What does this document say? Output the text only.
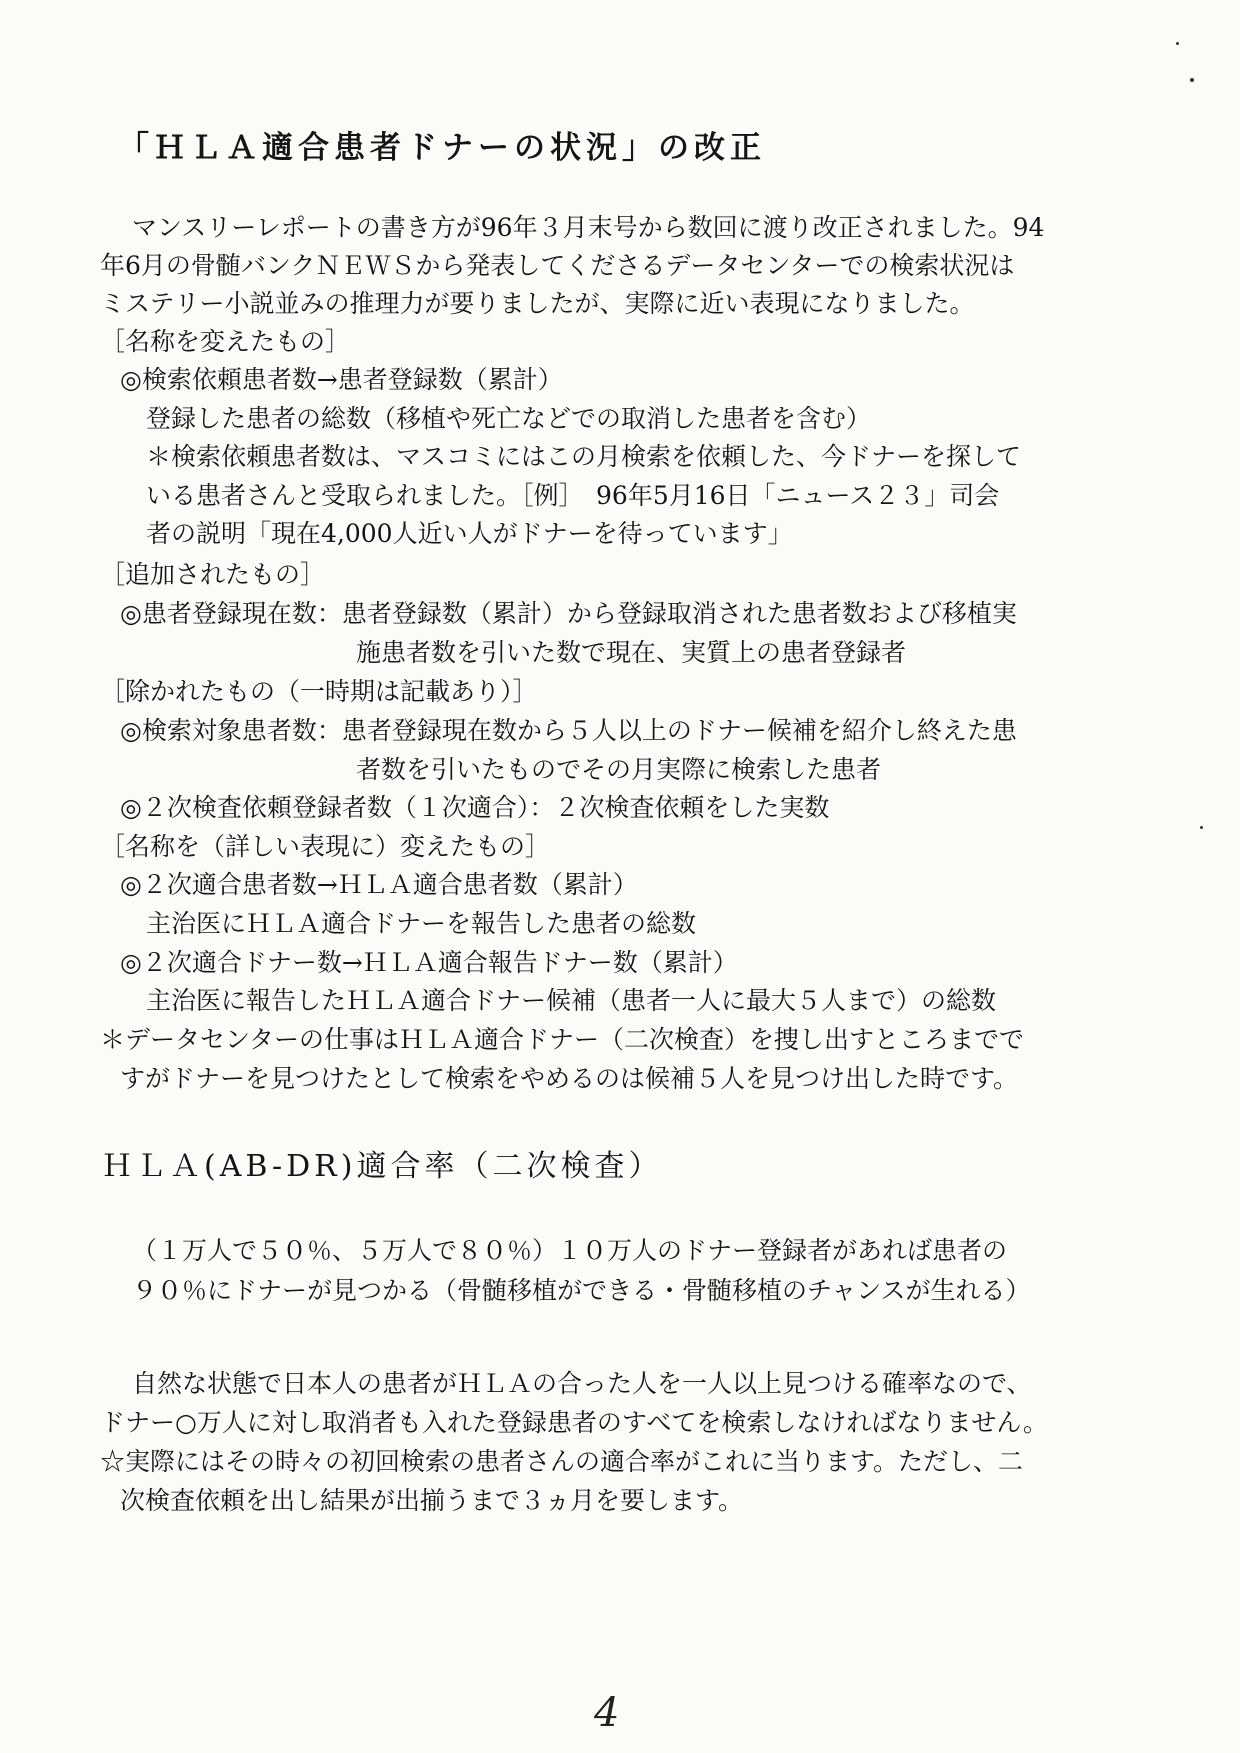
「ＨＬＡ適合患者ドナーの状況」の改正
マンスリーレポートの書き方が96年３月末号から数回に渡り改正されました。94
年6月の骨髄バンクＮＥＷＳから発表してくださるデータセンターでの検索状況は
ミステリー小説並みの推理力が要りましたが、実際に近い表現になりました。
［名称を変えたもの］
◎検索依頼患者数→患者登録数（累計）
登録した患者の総数（移植や死亡などでの取消した患者を含む）
＊検索依頼患者数は、マスコミにはこの月検索を依頼した、今ドナーを探して
いる患者さんと受取られました。［例］　96年5月16日「ニュース２３」司会
者の説明「現在4,000人近い人がドナーを待っています」
［追加されたもの］
◎患者登録現在数：患者登録数（累計）から登録取消された患者数および移植実
施患者数を引いた数で現在、実質上の患者登録者
［除かれたもの（一時期は記載あり）］
◎検索対象患者数：患者登録現在数から５人以上のドナー候補を紹介し終えた患
者数を引いたものでその月実際に検索した患者
◎２次検査依頼登録者数（１次適合）：２次検査依頼をした実数
［名称を（詳しい表現に）変えたもの］
◎２次適合患者数→ＨＬＡ適合患者数（累計）
主治医にＨＬＡ適合ドナーを報告した患者の総数
◎２次適合ドナー数→ＨＬＡ適合報告ドナー数（累計）
主治医に報告したＨＬＡ適合ドナー候補（患者一人に最大５人まで）の総数
＊データセンターの仕事はＨＬＡ適合ドナー（二次検査）を捜し出すところまでで
すがドナーを見つけたとして検索をやめるのは候補５人を見つけ出した時です。
ＨＬＡ(AB-DR)適合率（二次検査）
（１万人で５０％、５万人で８０％）１０万人のドナー登録者があれば患者の
９０％にドナーが見つかる（骨髄移植ができる・骨髄移植のチャンスが生れる）
自然な状態で日本人の患者がＨＬＡの合った人を一人以上見つける確率なので、
ドナー○万人に対し取消者も入れた登録患者のすべてを検索しなければなりません。
☆実際にはその時々の初回検索の患者さんの適合率がこれに当ります。ただし、二
次検査依頼を出し結果が出揃うまで３ヵ月を要します。
4
